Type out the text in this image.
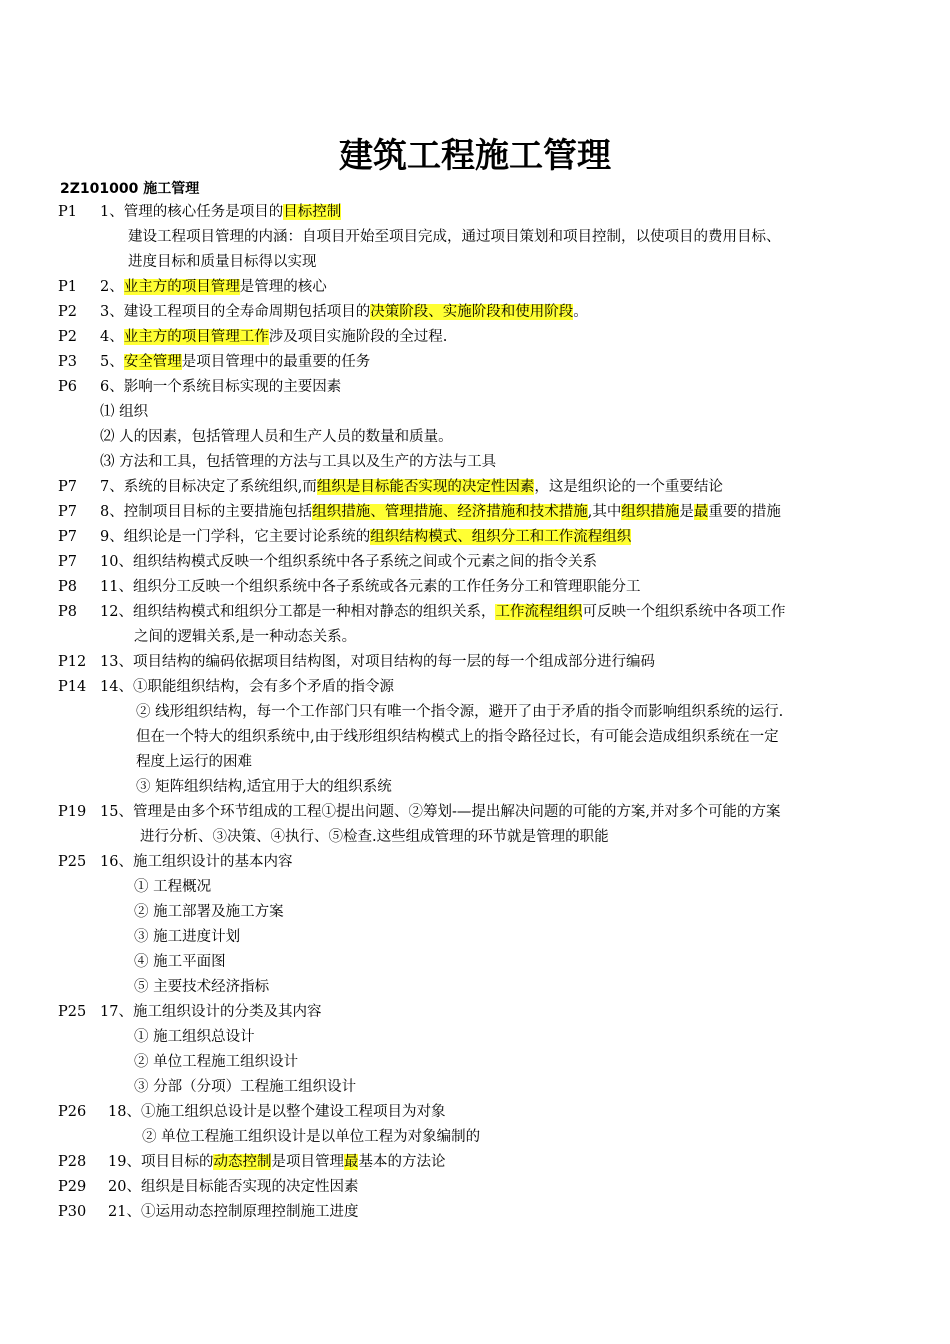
建筑工程施工管理
2Z101000 施工管理
P1 1、管理的核心任务是项目的目标控制
建设工程项目管理的内涵：自项目开始至项目完成，通过项目策划和项目控制，以使项目的费用目标、
进度目标和质量目标得以实现
P1 2、业主方的项目管理是管理的核心
P2 3、建设工程项目的全寿命周期包括项目的决策阶段、实施阶段和使用阶段。
P2 4、业主方的项目管理工作涉及项目实施阶段的全过程.
P3 5、安全管理是项目管理中的最重要的任务
P6 6、影响一个系统目标实现的主要因素
⑴ 组织
⑵ 人的因素，包括管理人员和生产人员的数量和质量。
⑶ 方法和工具，包括管理的方法与工具以及生产的方法与工具
P7 7、系统的目标决定了系统组织,而组织是目标能否实现的决定性因素，这是组织论的一个重要结论
P7 8、控制项目目标的主要措施包括组织措施、管理措施、经济措施和技术措施,其中组织措施是最重要的措施
P7 9、组织论是一门学科，它主要讨论系统的组织结构模式、组织分工和工作流程组织
P7 10、组织结构模式反映一个组织系统中各子系统之间或个元素之间的指令关系
P8 11、组织分工反映一个组织系统中各子系统或各元素的工作任务分工和管理职能分工
P8 12、组织结构模式和组织分工都是一种相对静态的组织关系，工作流程组织可反映一个组织系统中各项工作
之间的逻辑关系,是一种动态关系。
P12 13、项目结构的编码依据项目结构图，对项目结构的每一层的每一个组成部分进行编码
P14 14、①职能组织结构，会有多个矛盾的指令源
② 线形组织结构，每一个工作部门只有唯一个指令源，避开了由于矛盾的指令而影响组织系统的运行.
但在一个特大的组织系统中,由于线形组织结构模式上的指令路径过长，有可能会造成组织系统在一定
程度上运行的困难
③ 矩阵组织结构,适宜用于大的组织系统
P19 15、管理是由多个环节组成的工程①提出问题、②筹划-—提出解决问题的可能的方案,并对多个可能的方案
进行分析、③决策、④执行、⑤检查.这些组成管理的环节就是管理的职能
P25 16、施工组织设计的基本内容
① 工程概况
② 施工部署及施工方案
③ 施工进度计划
④ 施工平面图
⑤ 主要技术经济指标
P25 17、施工组织设计的分类及其内容
① 施工组织总设计
② 单位工程施工组织设计
③ 分部（分项）工程施工组织设计
P26 18、①施工组织总设计是以整个建设工程项目为对象
② 单位工程施工组织设计是以单位工程为对象编制的
P28 19、项目目标的动态控制是项目管理最基本的方法论
P29 20、组织是目标能否实现的决定性因素
P30 21、①运用动态控制原理控制施工进度
